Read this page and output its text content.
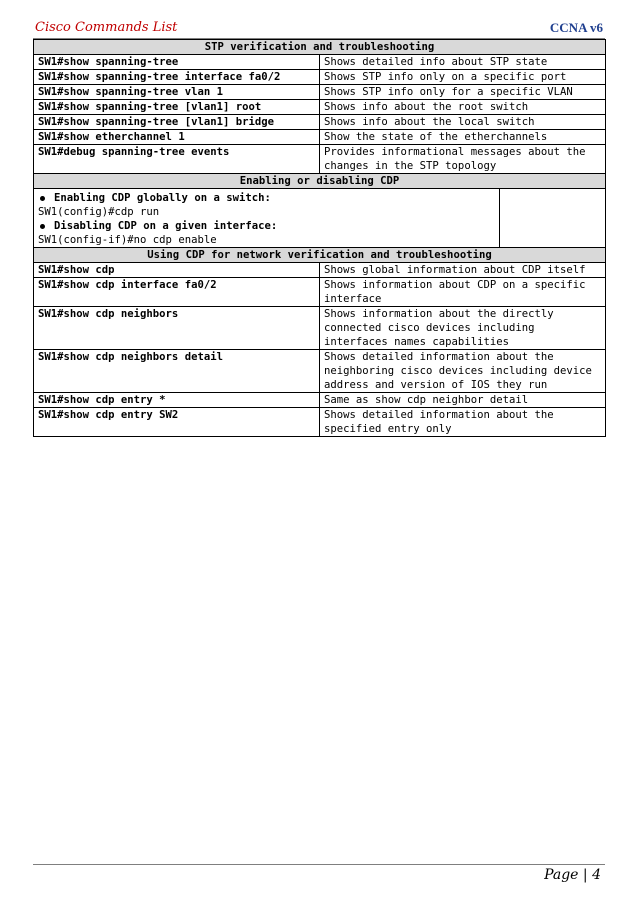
Cisco Commands List	CCNA v6
STP verification and troubleshooting		
SW1#show spanning-tree	Shows detailed info about STP state	
SW1#show spanning-tree interface fa0/2	Shows STP info only on a specific port	
SW1#show spanning-tree vlan 1	Shows STP info only for a specific VLAN	
SW1#show spanning-tree [vlan1] root	Shows info about the root switch	
SW1#show spanning-tree [vlan1] bridge	Shows info about the local switch	
SW1#show etherchannel 1	Show the state of the etherchannels	
SW1#debug spanning-tree events	Provides informational messages about the changes in the STP topology	
Enabling or disabling CDP		

Enabling CDP globally on a switch:
SW1(config)#cdp run
Disabling CDP on a given interface:
SW1(config-if)#no cdp enable		

Using CDP for network verification and troubleshooting		
SW1#show cdp	Shows global information about CDP itself	
SW1#show cdp interface fa0/2	Shows information about CDP on a specific interface	
SW1#show cdp neighbors	Shows information about the directly connected cisco devices including interfaces names capabilities	
SW1#show cdp neighbors detail	Shows detailed information about the neighboring cisco devices including device address and version of IOS they run	
SW1#show cdp entry *	Same as show cdp neighbor detail	
SW1#show cdp entry SW2	Shows detailed information about the specified entry only	
Page | 4
